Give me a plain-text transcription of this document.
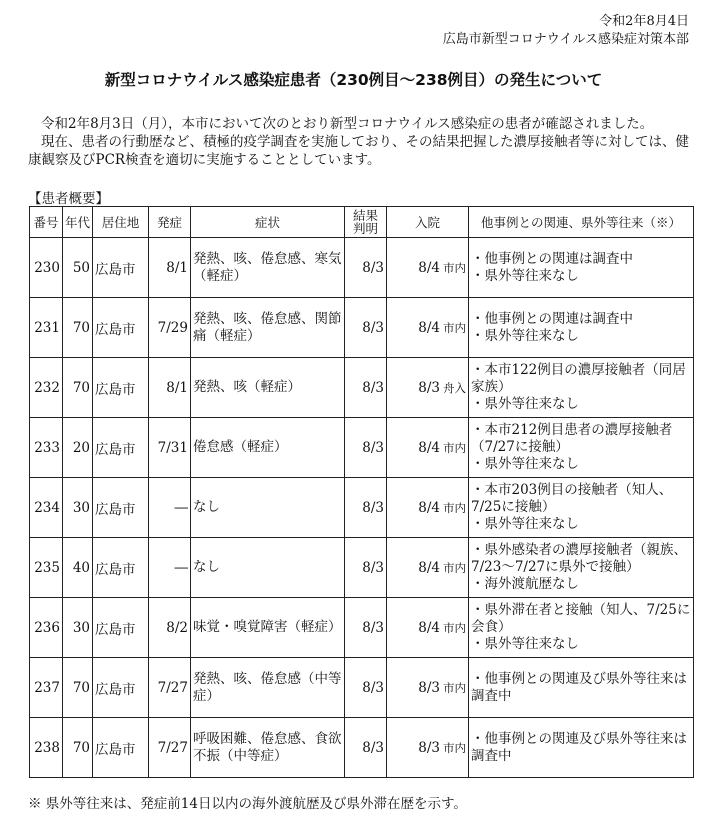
令和2年8月4日
広島市新型コロナウイルス感染症対策本部
新型コロナウイルス感染症患者（230例目～238例目）の発生について

令和2年8月3日（月），本市において次のとおり新型コロナウイルス感染症の患者が確認されました。

現在、患者の行動歴など、積極的疫学調査を実施しており、その結果把握した濃厚接触者等に対しては、健康観察及びPCR検査を適切に実施することとしています。

【患者概要】
番号	年代	居住地	発症	症状	結果判明	入院	他事例との関連、県外等往来（※）
230	50	広島市	8/1	発熱、咳、倦怠感、寒気（軽症）	8/3	8/4 市内	・他事例との関連は調査中
・県外等往来なし

231	70	広島市	7/29	発熱、咳、倦怠感、関節痛（軽症）	8/3	8/4 市内	・他事例との関連は調査中
・県外等往来なし

232	70	広島市	8/1	発熱、咳（軽症）	8/3	8/3 舟入	・本市122例目の濃厚接触者（同居家族）
・県外等往来なし

233	20	広島市	7/31	倦怠感（軽症）	8/3	8/4 市内	・本市212例目患者の濃厚接触者（7/27に接触）
・県外等往来なし

234	30	広島市	―	なし	8/3	8/4 市内	・本市203例目の接触者（知人、7/25に接触）
・県外等往来なし

235	40	広島市	―	なし	8/3	8/4 市内	・県外感染者の濃厚接触者（親族、7/23～7/27に県外で接触）
・海外渡航歴なし

236	30	広島市	8/2	味覚・嗅覚障害（軽症）	8/3	8/4 市内	・県外滞在者と接触（知人、7/25に会食）
・県外等往来なし

237	70	広島市	7/27	発熱、咳、倦怠感（中等症）	8/3	8/3 市内	・他事例との関連及び県外等往来は調査中

238	70	広島市	7/27	呼吸困難、倦怠感、食欲不振（中等症）	8/3	8/3 市内	・他事例との関連及び県外等往来は調査中
※ 県外等往来は、発症前14日以内の海外渡航歴及び県外滞在歴を示す。
